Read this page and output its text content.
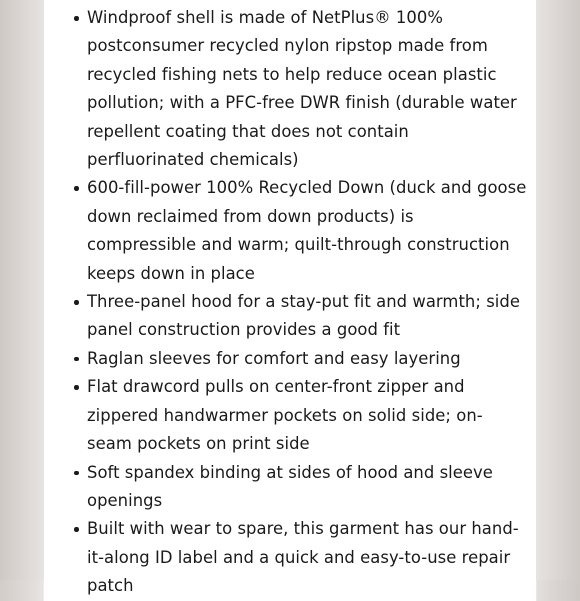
Windproof shell is made of NetPlus® 100% postconsumer recycled nylon ripstop made from recycled fishing nets to help reduce ocean plastic pollution; with a PFC-free DWR finish (durable water repellent coating that does not contain perfluorinated chemicals)
600-fill-power 100% Recycled Down (duck and goose down reclaimed from down products) is compressible and warm; quilt-through construction keeps down in place
Three-panel hood for a stay-put fit and warmth; side panel construction provides a good fit
Raglan sleeves for comfort and easy layering
Flat drawcord pulls on center-front zipper and zippered handwarmer pockets on solid side; on-seam pockets on print side
Soft spandex binding at sides of hood and sleeve openings
Built with wear to spare, this garment has our hand-it-along ID label and a quick and easy-to-use repair patch
